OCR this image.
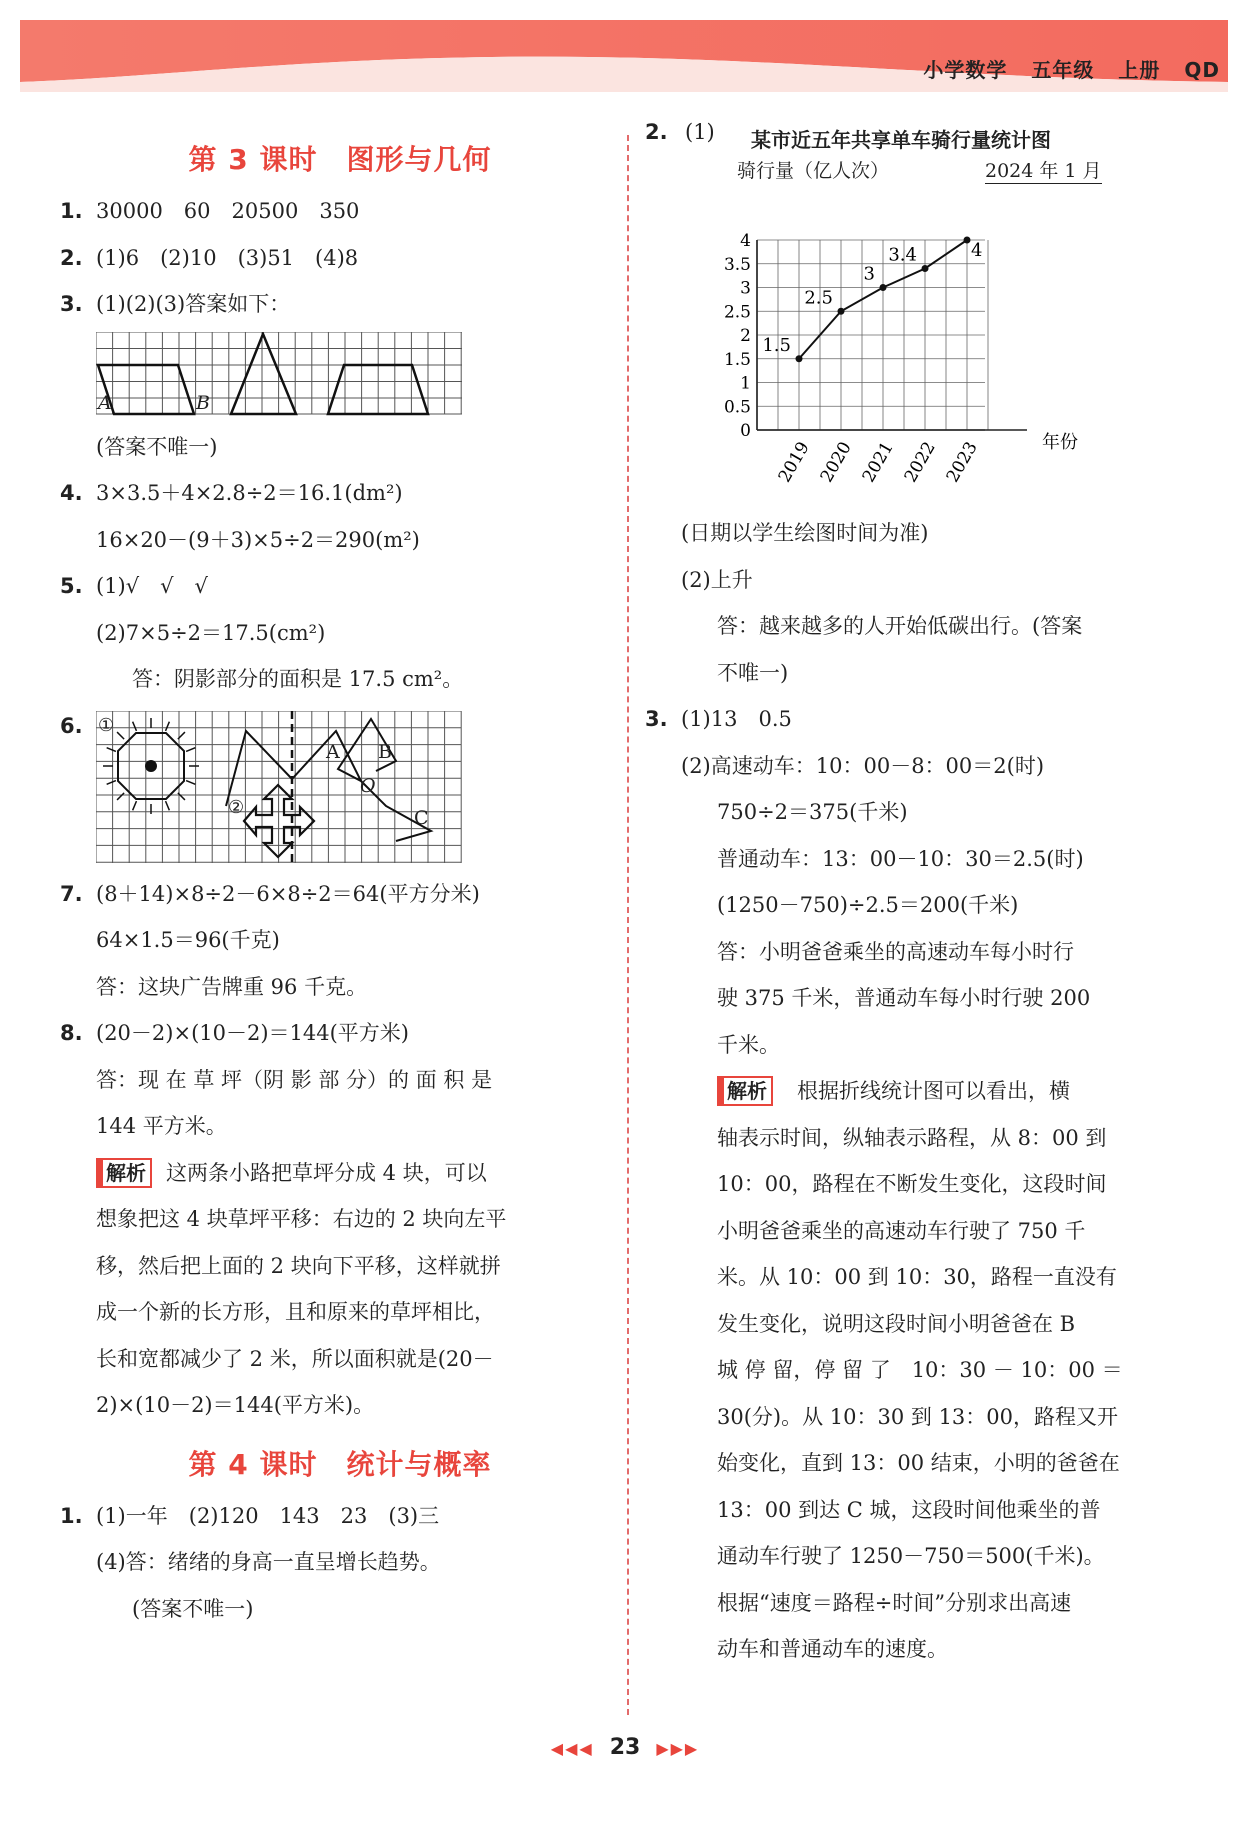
小学数学 五年级 上册 QD
第 3 课时　图形与几何
1. 30000　60　20500　350
2. (1)6　(2)10　(3)51　(4)8
3. (1)(2)(3)答案如下：
A	B
(答案不唯一)
4. 3×3.5＋4×2.8÷2＝16.1(dm²)
16×20－(9＋3)×5÷2＝290(m²)
5. (1)√　√　√
(2)7×5÷2＝17.5(cm²)
答：阴影部分的面积是 17.5 cm²。
6. ①
②
A B
O
C
7. (8＋14)×8÷2－6×8÷2＝64(平方分米)
64×1.5＝96(千克)
答：这块广告牌重 96 千克。
8. (20－2)×(10－2)＝144(平方米)
答：现 在 草 坪（阴 影 部 分）的 面 积 是
144 平方米。
解析 这两条小路把草坪分成 4 块，可以
想象把这 4 块草坪平移：右边的 2 块向左平
移，然后把上面的 2 块向下平移，这样就拼
成一个新的长方形，且和原来的草坪相比，
长和宽都减少了 2 米，所以面积就是(20－
2)×(10－2)＝144(平方米)。
第 4 课时　统计与概率
1. (1)一年　(2)120　143　23　(3)三
(4)答：绪绪的身高一直呈增长趋势。
(答案不唯一)
2. (1) 某市近五年共享单车骑行量统计图
骑行量（亿人次）	2024 年 1 月
0
0.5
1
1.5
2
2.5
3
3.5
4
2019 2020 2021 2022 2023	年份
1.5
2.5
3
3.4	4
(日期以学生绘图时间为准)
(2)上升
答：越来越多的人开始低碳出行。(答案
不唯一)
3. (1)13　0.5
(2)高速动车：10：00－8：00＝2(时)
750÷2＝375(千米)
普通动车：13：00－10：30＝2.5(时)
(1250－750)÷2.5＝200(千米)
答：小明爸爸乘坐的高速动车每小时行
驶 375 千米，普通动车每小时行驶 200
千米。
解析 根据折线统计图可以看出，横
轴表示时间，纵轴表示路程，从 8：00 到
10：00，路程在不断发生变化，这段时间
小明爸爸乘坐的高速动车行驶了 750 千
米。从 10：00 到 10：30，路程一直没有
发生变化，说明这段时间小明爸爸在 B
城 停 留，停 留 了　10：30 － 10：00 ＝
30(分)。从 10：30 到 13：00，路程又开
始变化，直到 13：00 结束，小明的爸爸在
13：00 到达 C 城，这段时间他乘坐的普
通动车行驶了 1250－750＝500(千米)。
根据“速度＝路程÷时间”分别求出高速
动车和普通动车的速度。
◀◀◀ 23 ▶▶▶
